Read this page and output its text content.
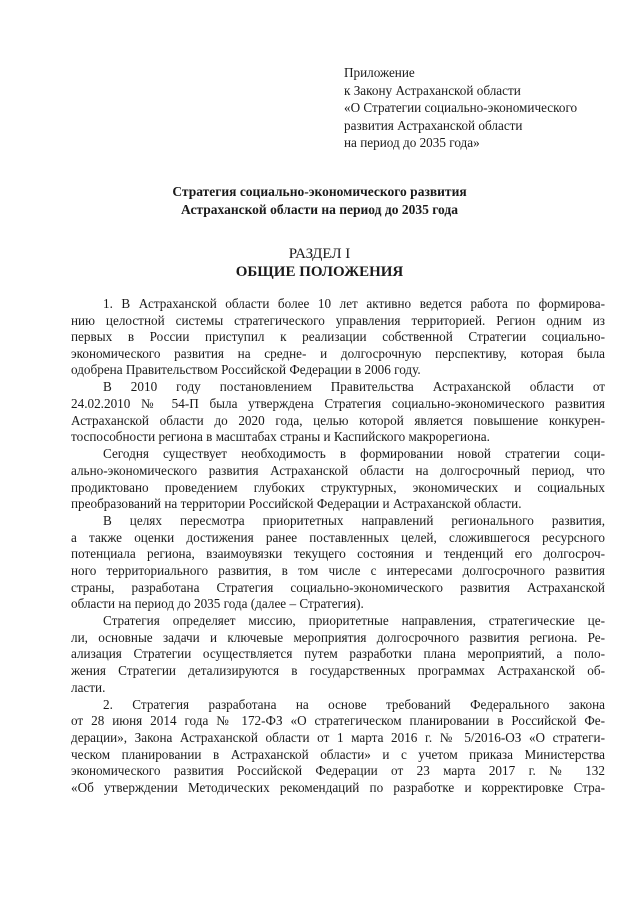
Приложение
к Закону Астраханской области
«О Стратегии социально-экономического
развития Астраханской области
на период до 2035 года»
Стратегия социально-экономического развития
Астраханской области на период до 2035 года
РАЗДЕЛ I
ОБЩИЕ ПОЛОЖЕНИЯ
1. В Астраханской области более 10 лет активно ведется работа по формирова-
нию целостной системы стратегического управления территорией. Регион одним из
первых в России приступил к реализации собственной Стратегии социально-
экономического развития на средне- и долгосрочную перспективу, которая была
одобрена Правительством Российской Федерации в 2006 году.
В 2010 году постановлением Правительства Астраханской области от
24.02.2010 № 54-П была утверждена Стратегия социально-экономического развития
Астраханской области до 2020 года, целью которой является повышение конкурен-
тоспособности региона в масштабах страны и Каспийского макрорегиона.
Сегодня существует необходимость в формировании новой стратегии соци-
ально-экономического развития Астраханской области на долгосрочный период, что
продиктовано проведением глубоких структурных, экономических и социальных
преобразований на территории Российской Федерации и Астраханской области.
В целях пересмотра приоритетных направлений регионального развития,
а также оценки достижения ранее поставленных целей, сложившегося ресурсного
потенциала региона, взаимоувязки текущего состояния и тенденций его долгосроч-
ного территориального развития, в том числе с интересами долгосрочного развития
страны, разработана Стратегия социально-экономического развития Астраханской
области на период до 2035 года (далее – Стратегия).
Стратегия определяет миссию, приоритетные направления, стратегические це-
ли, основные задачи и ключевые мероприятия долгосрочного развития региона. Ре-
ализация Стратегии осуществляется путем разработки плана мероприятий, а поло-
жения Стратегии детализируются в государственных программах Астраханской об-
ласти.
2. Стратегия разработана на основе требований Федерального закона
от 28 июня 2014 года № 172-ФЗ «О стратегическом планировании в Российской Фе-
дерации», Закона Астраханской области от 1 марта 2016 г. № 5/2016-ОЗ «О стратеги-
ческом планировании в Астраханской области» и с учетом приказа Министерства
экономического развития Российской Федерации от 23 марта 2017 г. № 132
«Об утверждении Методических рекомендаций по разработке и корректировке Стра-
